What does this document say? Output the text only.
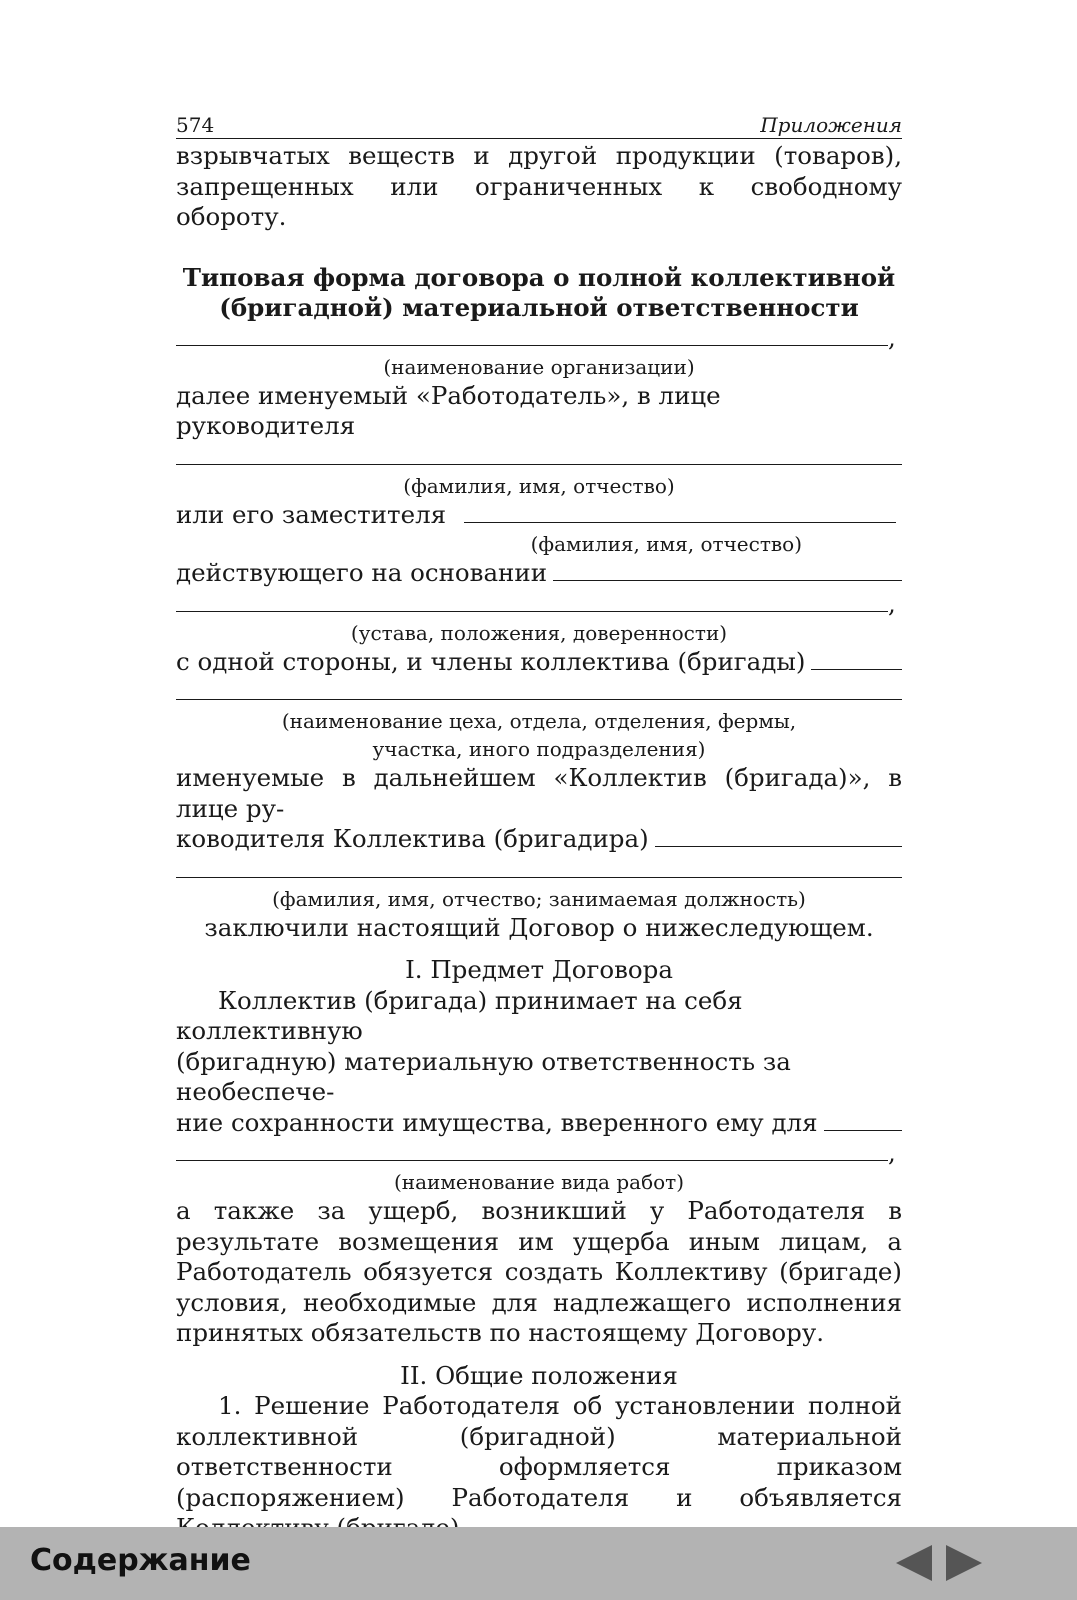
574	Приложения

взрывчатых веществ и другой продукции (товаров), запрещенных или ограниченных к свободному обороту.

Типовая форма договора о полной коллективной
(бригадной) материальной ответственности
,
(наименование организации)
далее именуемый «Работодатель», в лице руководителя
(фамилия, имя, отчество)
или его заместителя
(фамилия, имя, отчество)
действующего на основании
,
(устава, положения, доверенности)
с одной стороны, и члены коллектива (бригады)
(наименование цеха, отдела, отделения, фермы,
участка, иного подразделения)
именуемые в дальнейшем «Коллектив (бригада)», в лице ру-
ководителя Коллектива (бригадира)
(фамилия, имя, отчество; занимаемая должность)
заключили настоящий Договор о нижеследующем.
I. Предмет Договора
Коллектив (бригада) принимает на себя коллективную
(бригадную) материальную ответственность за необеспече-
ние сохранности имущества, вверенного ему для
,
(наименование вида работ)

а также за ущерб, возникший у Работодателя в результате возмещения им ущерба иным лицам, а Работодатель обязуется создать Коллективу (бригаде) условия, необходимые для надлежащего исполнения принятых обязательств по настоящему Договору.

II. Общие положения

1. Решение Работодателя об установлении полной коллективной (бригадной) материальной ответственности оформляется приказом (распоряжением) Работодателя и объявляется

Содержание
